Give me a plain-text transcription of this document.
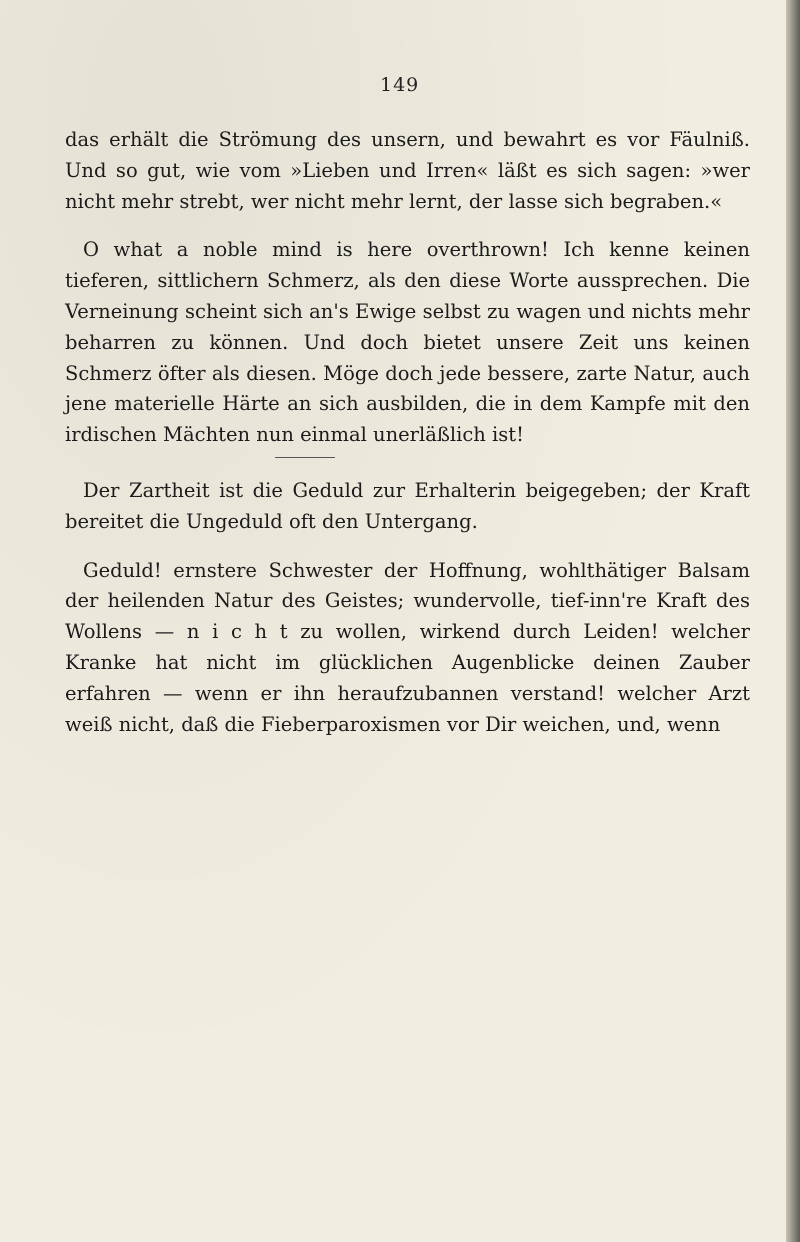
149

das erhält die Strömung des unsern, und bewahrt es vor Fäulniß. Und so gut, wie vom »Lieben und Irren« läßt es sich sagen: »wer nicht mehr strebt, wer nicht mehr lernt, der lasse sich begraben.«

O what a noble mind is here overthrown! Ich kenne keinen tieferen, sittlichern Schmerz, als den diese Worte aussprechen. Die Verneinung scheint sich an's Ewige selbst zu wagen und nichts mehr beharren zu können. Und doch bietet unsere Zeit uns keinen Schmerz öfter als diesen. Möge doch jede bessere, zarte Natur, auch jene materielle Härte an sich ausbilden, die in dem Kampfe mit den irdischen Mächten nun einmal unerläßlich ist!

Der Zartheit ist die Geduld zur Erhalterin beigegeben; der Kraft bereitet die Ungeduld oft den Untergang.

Geduld! ernstere Schwester der Hoffnung, wohlthätiger Balsam der heilenden Natur des Geistes; wundervolle, tief-inn're Kraft des Wollens — n i c h t zu wollen, wirkend durch Leiden! welcher Kranke hat nicht im glücklichen Augenblicke deinen Zauber erfahren — wenn er ihn heraufzubannen verstand! welcher Arzt weiß nicht, daß die Fieberparoxismen vor Dir weichen, und, wenn
